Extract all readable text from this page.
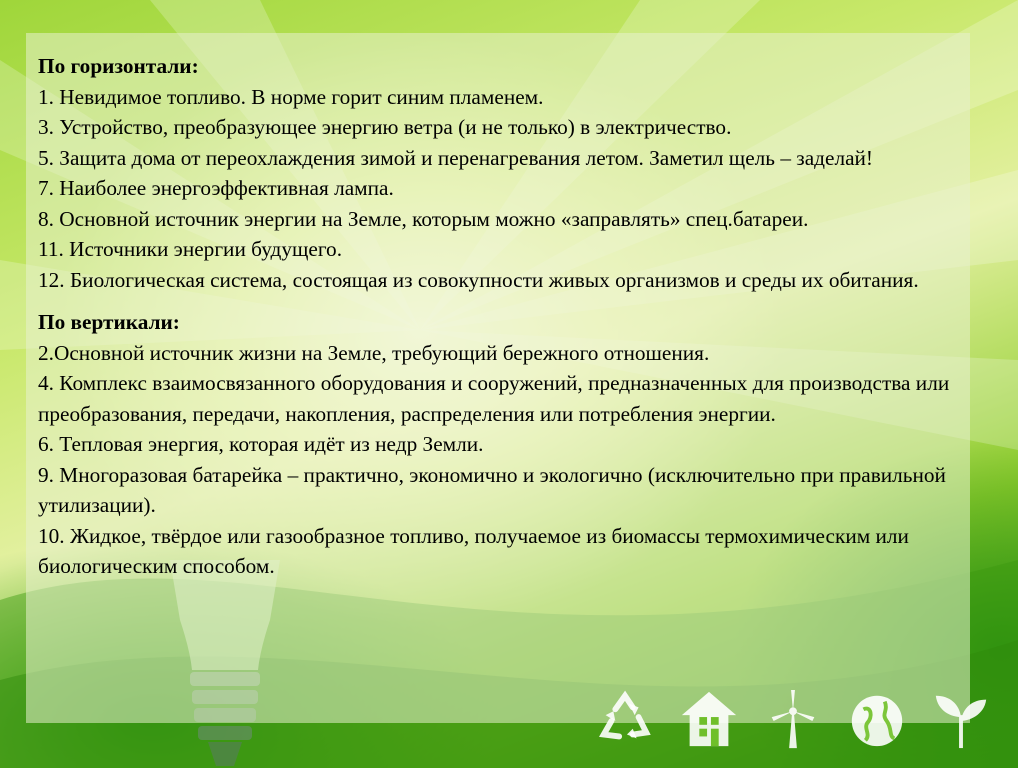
По горизонтали:
1. Невидимое топливо. В норме горит синим пламенем.
3. Устройство, преобразующее энергию ветра (и не только) в электричество.
5. Защита дома от переохлаждения зимой и перенагревания летом. Заметил щель – заделай!
7. Наиболее энергоэффективная лампа.
8. Основной источник энергии на Земле, которым можно «заправлять» спец.батареи.
11. Источники энергии будущего.
12. Биологическая система, состоящая из совокупности живых организмов и среды их обитания.
По вертикали:
2.Основной источник жизни на Земле, требующий бережного отношения.
4. Комплекс взаимосвязанного оборудования и сооружений, предназначенных для производства или преобразования, передачи, накопления, распределения или потребления энергии.
6. Тепловая энергия, которая идёт из недр Земли.
9. Многоразовая батарейка – практично, экономично и экологично (исключительно при правильной утилизации).
10. Жидкое, твёрдое или газообразное топливо, получаемое из биомассы термохимическим или биологическим способом.
